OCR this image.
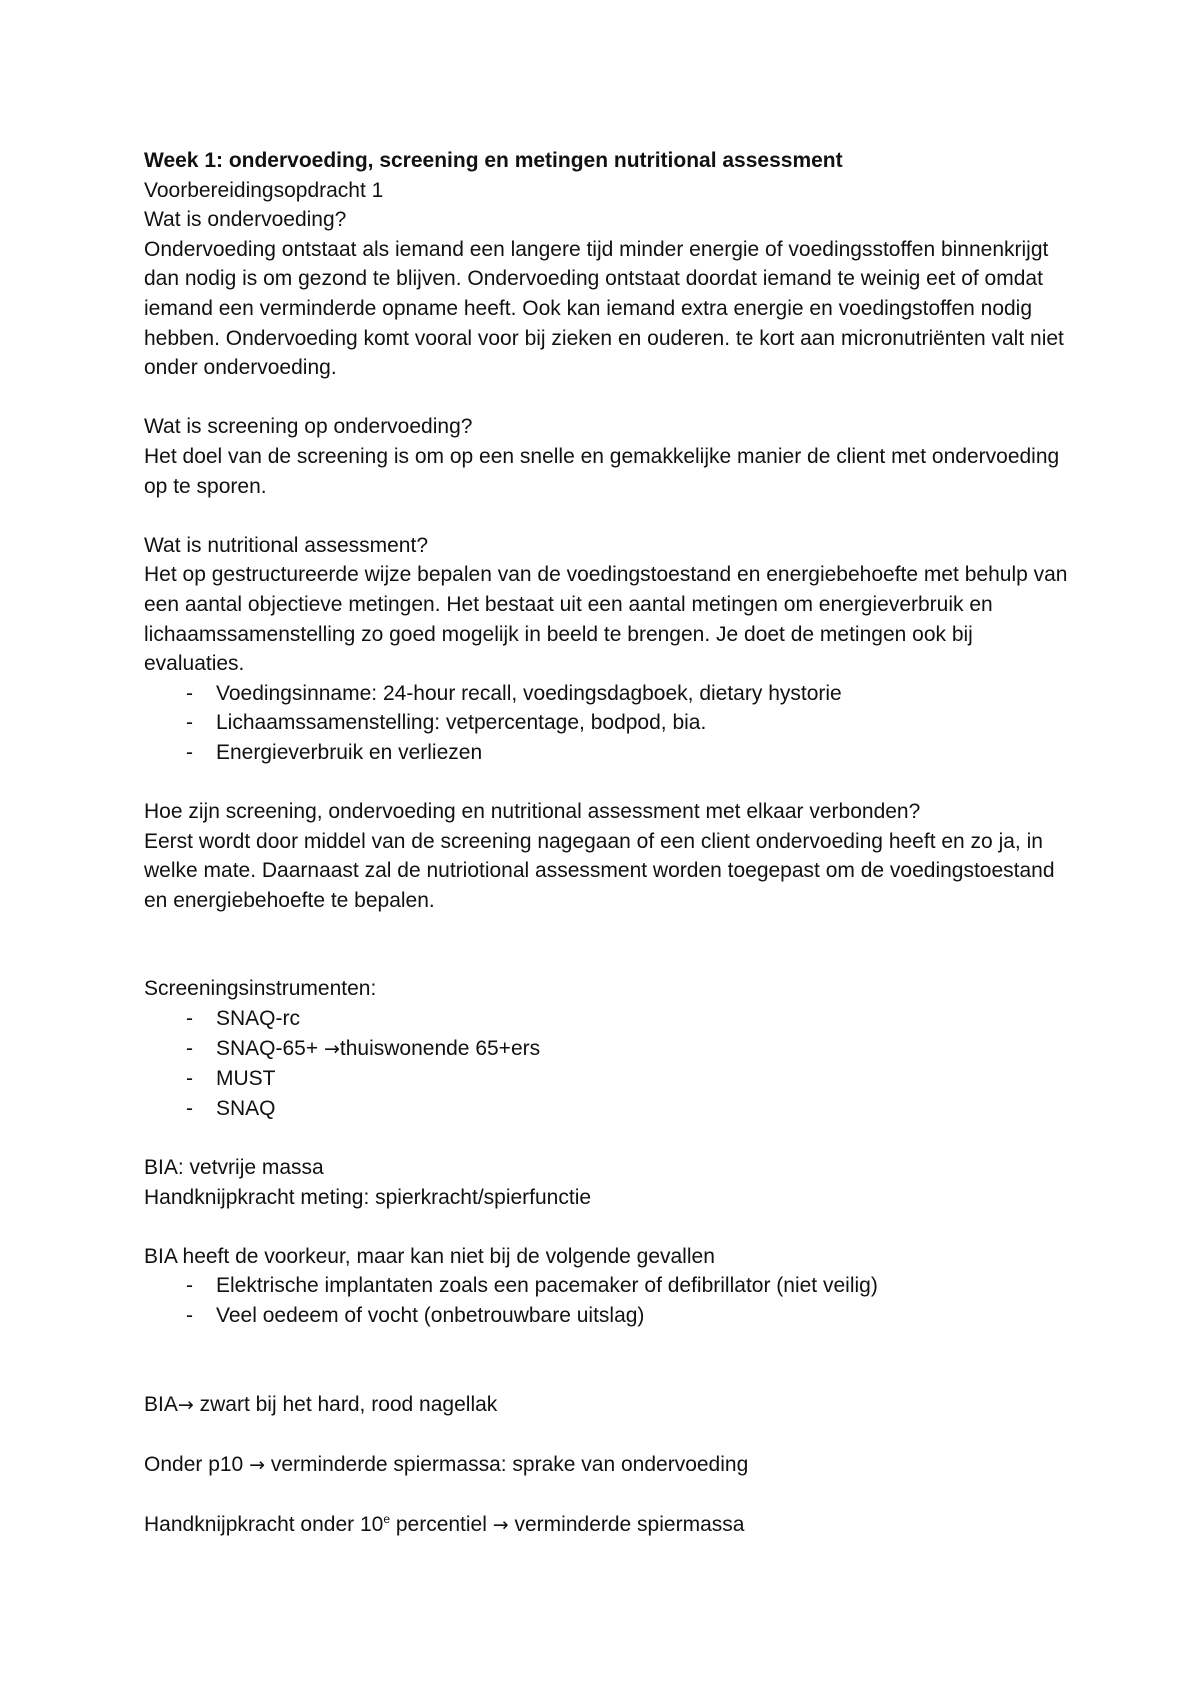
Week 1: ondervoeding, screening en metingen nutritional assessment

Voorbereidingsopdracht 1

Wat is ondervoeding?

Ondervoeding ontstaat als iemand een langere tijd minder energie of voedingsstoffen binnenkrijgt dan nodig is om gezond te blijven. Ondervoeding ontstaat doordat iemand te weinig eet of omdat iemand een verminderde opname heeft. Ook kan iemand extra energie en voedingstoffen nodig hebben. Ondervoeding komt vooral voor bij zieken en ouderen. te kort aan micronutriënten valt niet onder ondervoeding.

Wat is screening op ondervoeding?

Het doel van de screening is om op een snelle en gemakkelijke manier de client met ondervoeding op te sporen.

Wat is nutritional assessment?

Het op gestructureerde wijze bepalen van de voedingstoestand en energiebehoefte met behulp van een aantal objectieve metingen. Het bestaat uit een aantal metingen om energieverbruik en lichaamssamenstelling zo goed mogelijk in beeld te brengen. Je doet de metingen ook bij evaluaties.

- Voedingsinname: 24-hour recall, voedingsdagboek, dietary hystorie
- Lichaamssamenstelling: vetpercentage, bodpod, bia.
- Energieverbruik en verliezen

Hoe zijn screening, ondervoeding en nutritional assessment met elkaar verbonden?

Eerst wordt door middel van de screening nagegaan of een client ondervoeding heeft en zo ja, in welke mate. Daarnaast zal de nutriotional assessment worden toegepast om de voedingstoestand en energiebehoefte te bepalen.

Screeningsinstrumenten:

- SNAQ-rc
- SNAQ-65+ →thuiswonende 65+ers
- MUST
- SNAQ

BIA: vetvrije massa

Handknijpkracht meting: spierkracht/spierfunctie

BIA heeft de voorkeur, maar kan niet bij de volgende gevallen

- Elektrische implantaten zoals een pacemaker of defibrillator (niet veilig)
- Veel oedeem of vocht (onbetrouwbare uitslag)

BIA→ zwart bij het hard, rood nagellak

Onder p10 → verminderde spiermassa: sprake van ondervoeding

Handknijpkracht onder 10e percentiel → verminderde spiermassa
